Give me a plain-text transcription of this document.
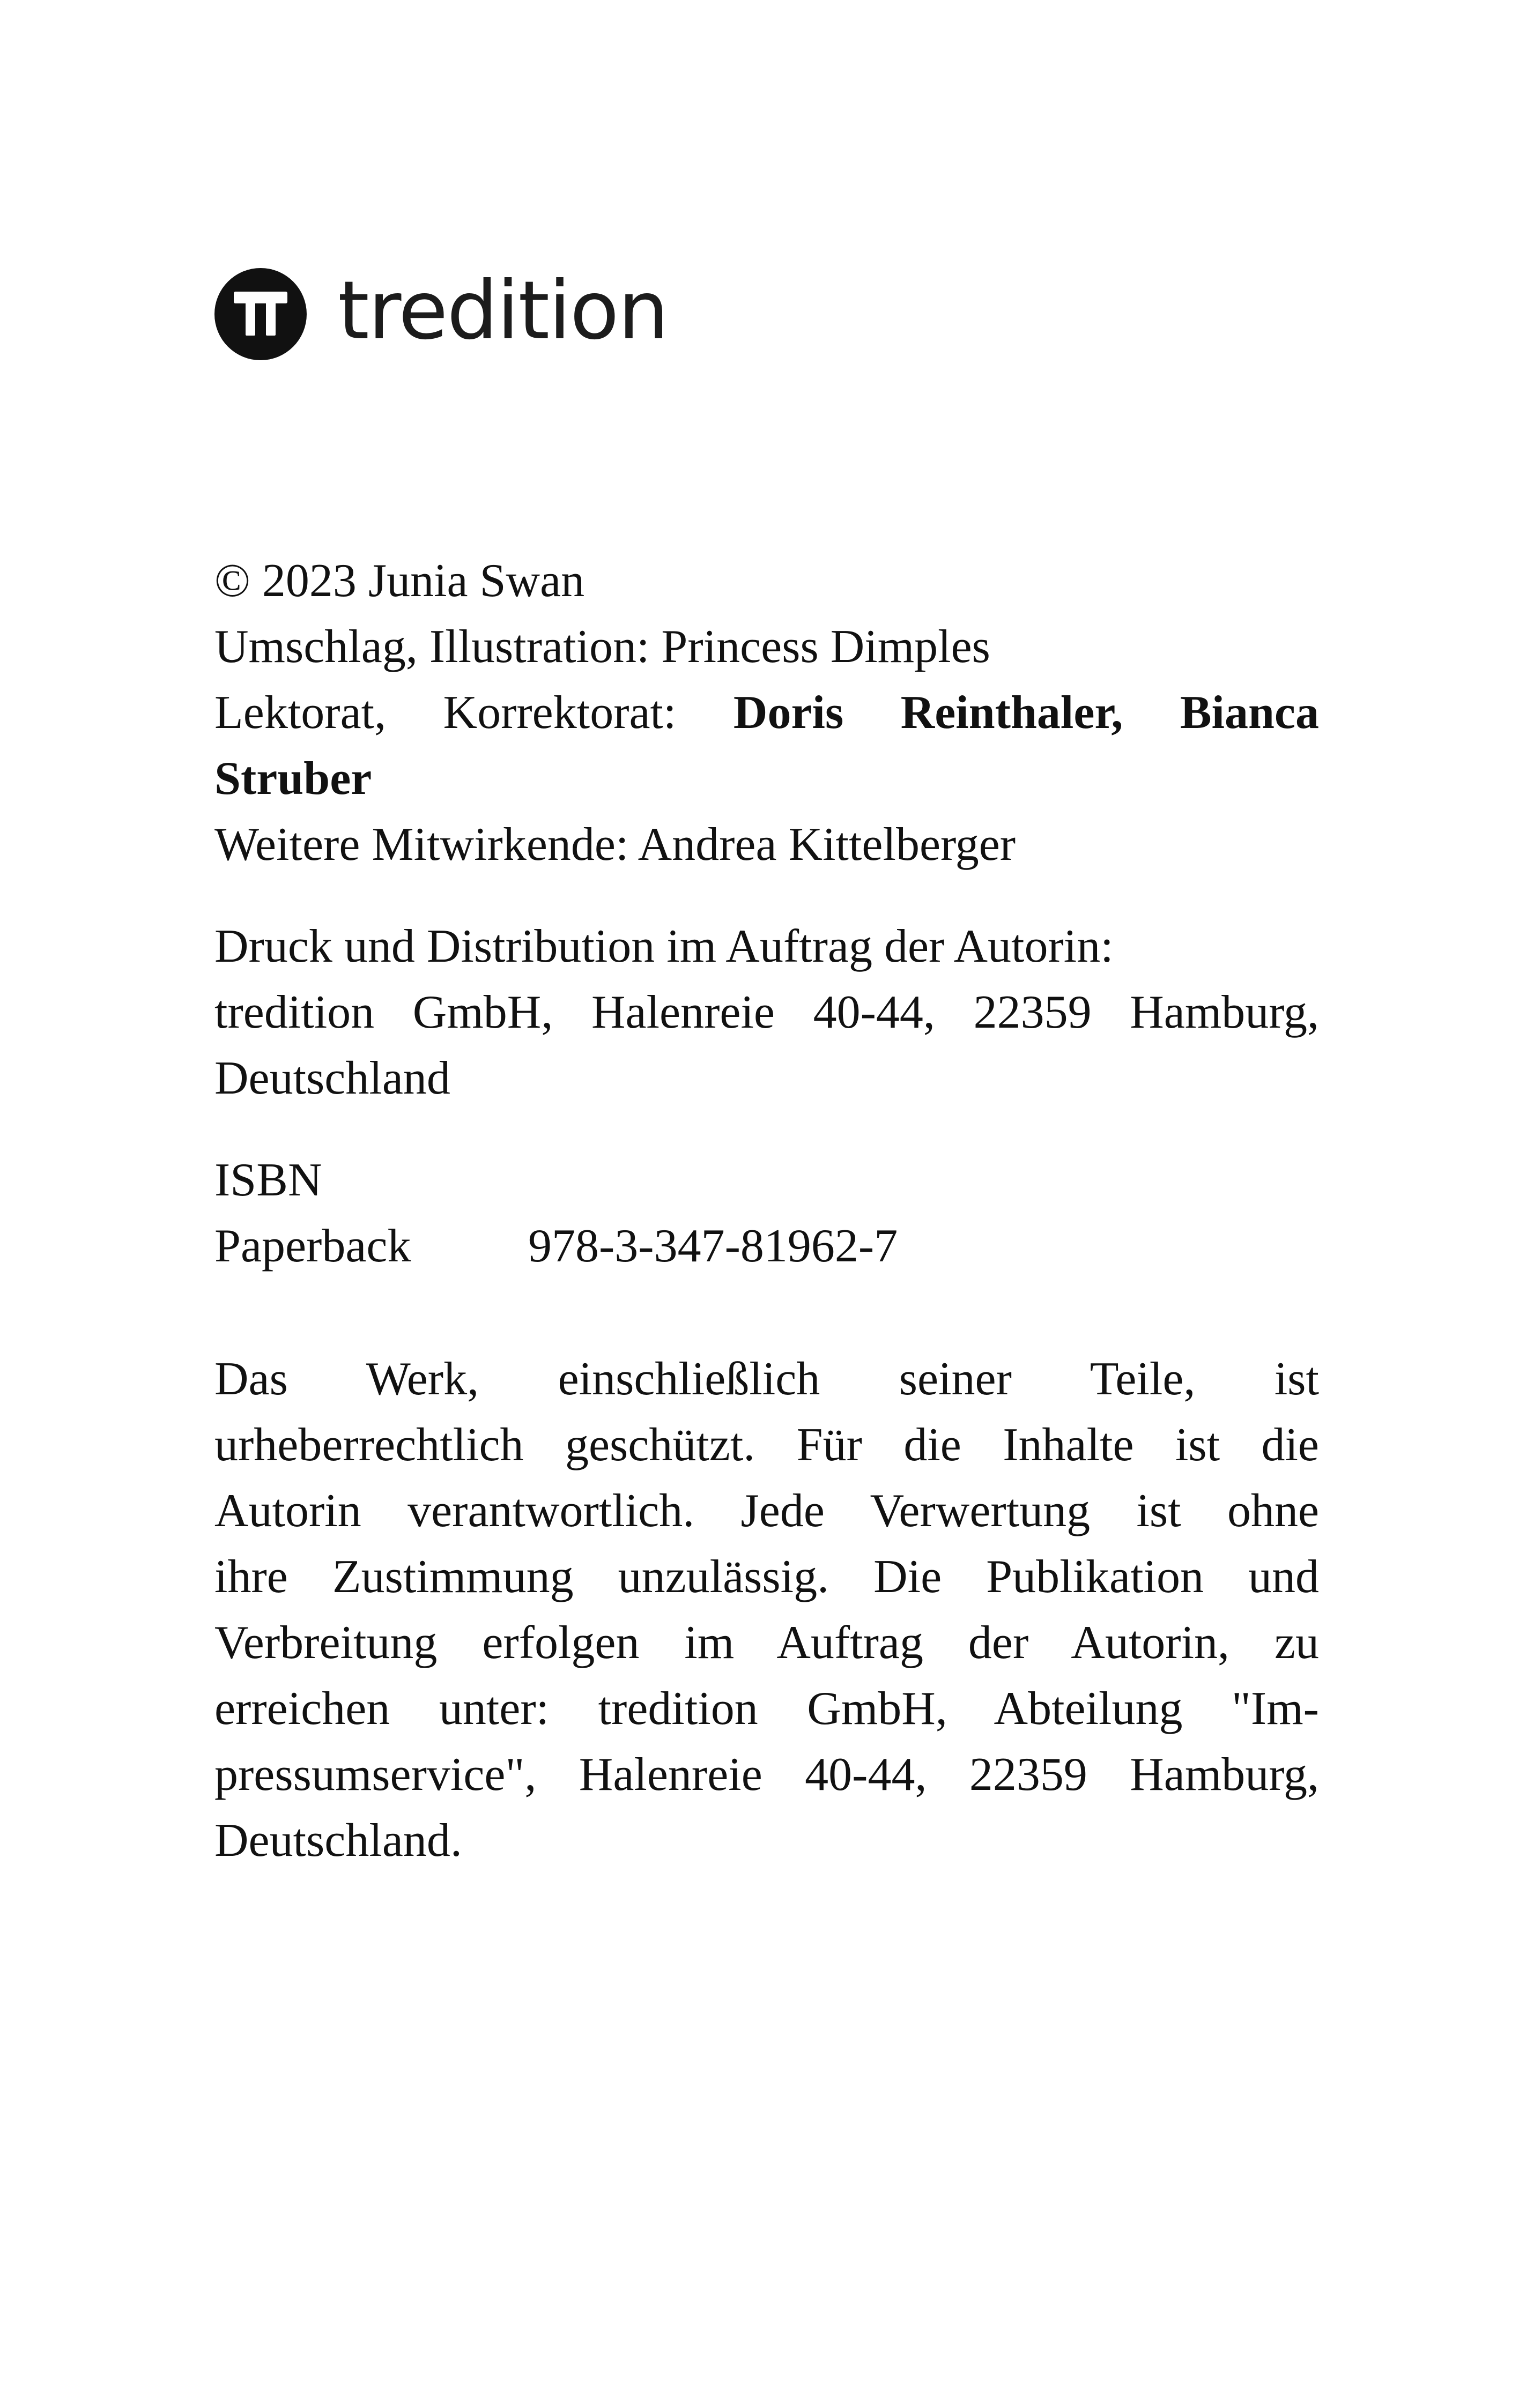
tredition
© 2023 Junia Swan
Umschlag, Illustration: Princess Dimples
Lektorat, Korrektorat: Doris Reinthaler, Bianca
Struber
Weitere Mitwirkende: Andrea Kittelberger
Druck und Distribution im Auftrag der Autorin:
tredition GmbH, Halenreie 40-44, 22359 Hamburg,
Deutschland
ISBN
Paperback	978-3-347-81962-7
Das Werk, einschließlich seiner Teile, ist
urheberrechtlich geschützt. Für die Inhalte ist die
Autorin verantwortlich. Jede Verwertung ist ohne
ihre Zustimmung unzulässig. Die Publikation und
Verbreitung erfolgen im Auftrag der Autorin, zu
erreichen unter: tredition GmbH, Abteilung "Im-
pressumservice", Halenreie 40-44, 22359 Hamburg,
Deutschland.
